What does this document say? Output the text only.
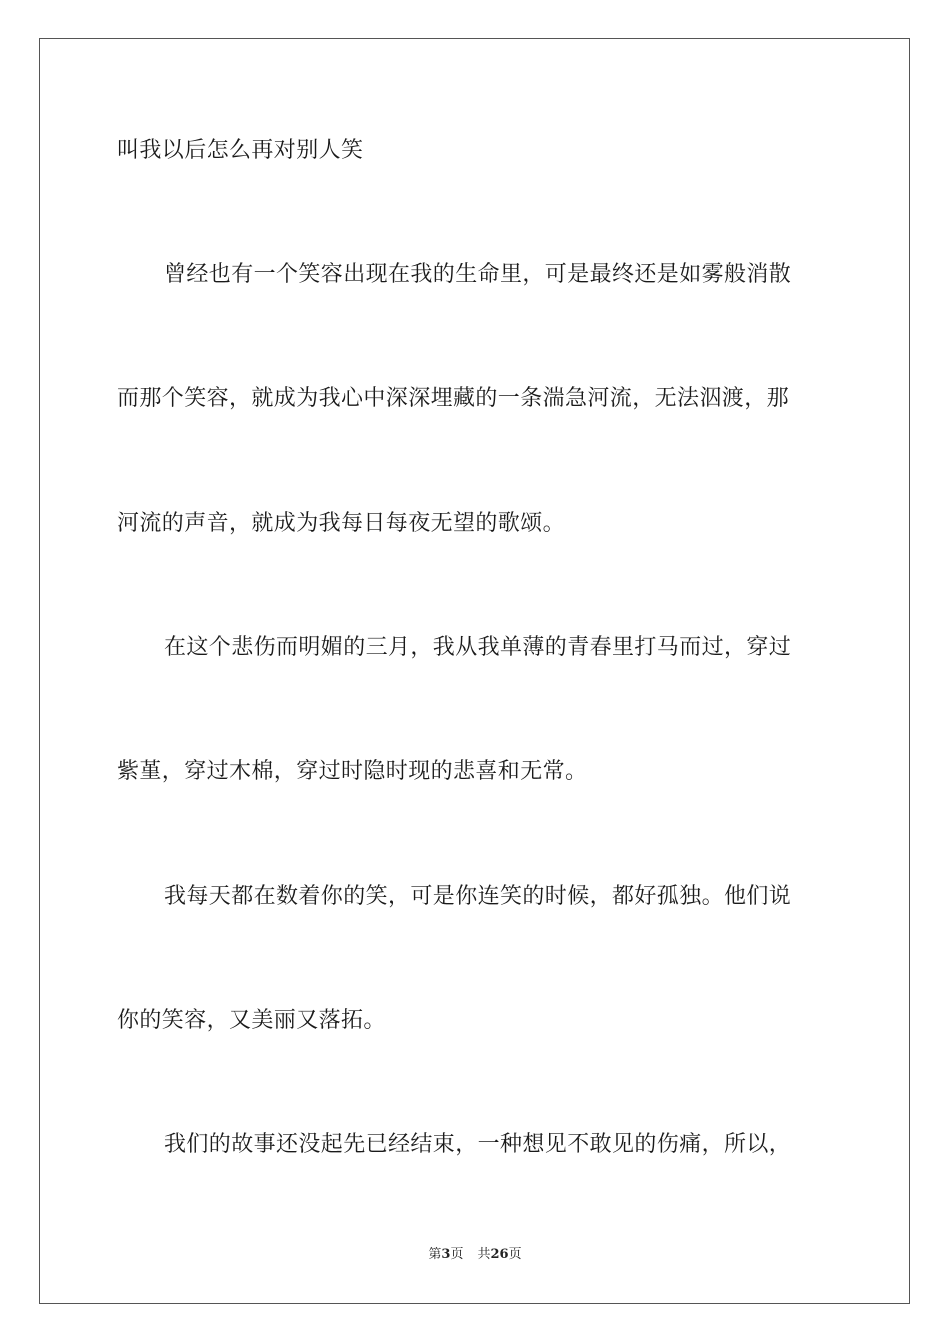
叫我以后怎么再对别人笑
曾经也有一个笑容出现在我的生命里，可是最终还是如雾般消散
而那个笑容，就成为我心中深深埋藏的一条湍急河流，无法泅渡，那
河流的声音，就成为我每日每夜无望的歌颂。
在这个悲伤而明媚的三月，我从我单薄的青春里打马而过，穿过
紫堇，穿过木棉，穿过时隐时现的悲喜和无常。
我每天都在数着你的笑，可是你连笑的时候，都好孤独。他们说
你的笑容，又美丽又落拓。
我们的故事还没起先已经结束，一种想见不敢见的伤痛，所以，
第3页 共26页
